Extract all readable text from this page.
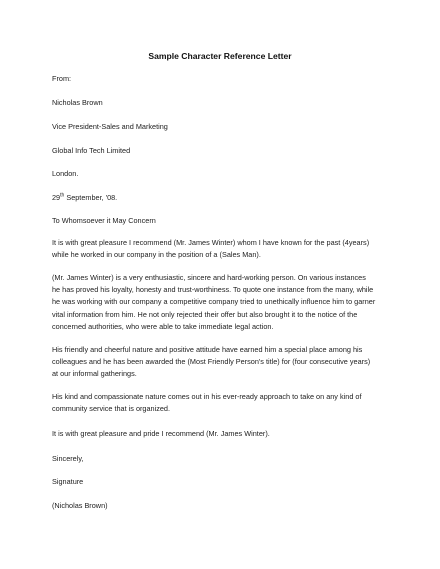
Sample Character Reference Letter
From:
Nicholas Brown
Vice President-Sales and Marketing
Global Info Tech Limited
London.
29th September, '08.
To Whomsoever it May Concern
It is with great pleasure I recommend (Mr. James Winter) whom I have known for the past (4years)
while he worked in our company in the position of a (Sales Man).
(Mr. James Winter) is a very enthusiastic, sincere and hard-working person. On various instances
he has proved his loyalty, honesty and trust-worthiness. To quote one instance from the many, while
he was working with our company a competitive company tried to unethically influence him to garner
vital information from him. He not only rejected their offer but also brought it to the notice of the
concerned authorities, who were able to take immediate legal action.
His friendly and cheerful nature and positive attitude have earned him a special place among his
colleagues and he has been awarded the (Most Friendly Person's title) for (four consecutive years)
at our informal gatherings.
His kind and compassionate nature comes out in his ever-ready approach to take on any kind of
community service that is organized.
It is with great pleasure and pride I recommend (Mr. James Winter).
Sincerely,
Signature
(Nicholas Brown)
